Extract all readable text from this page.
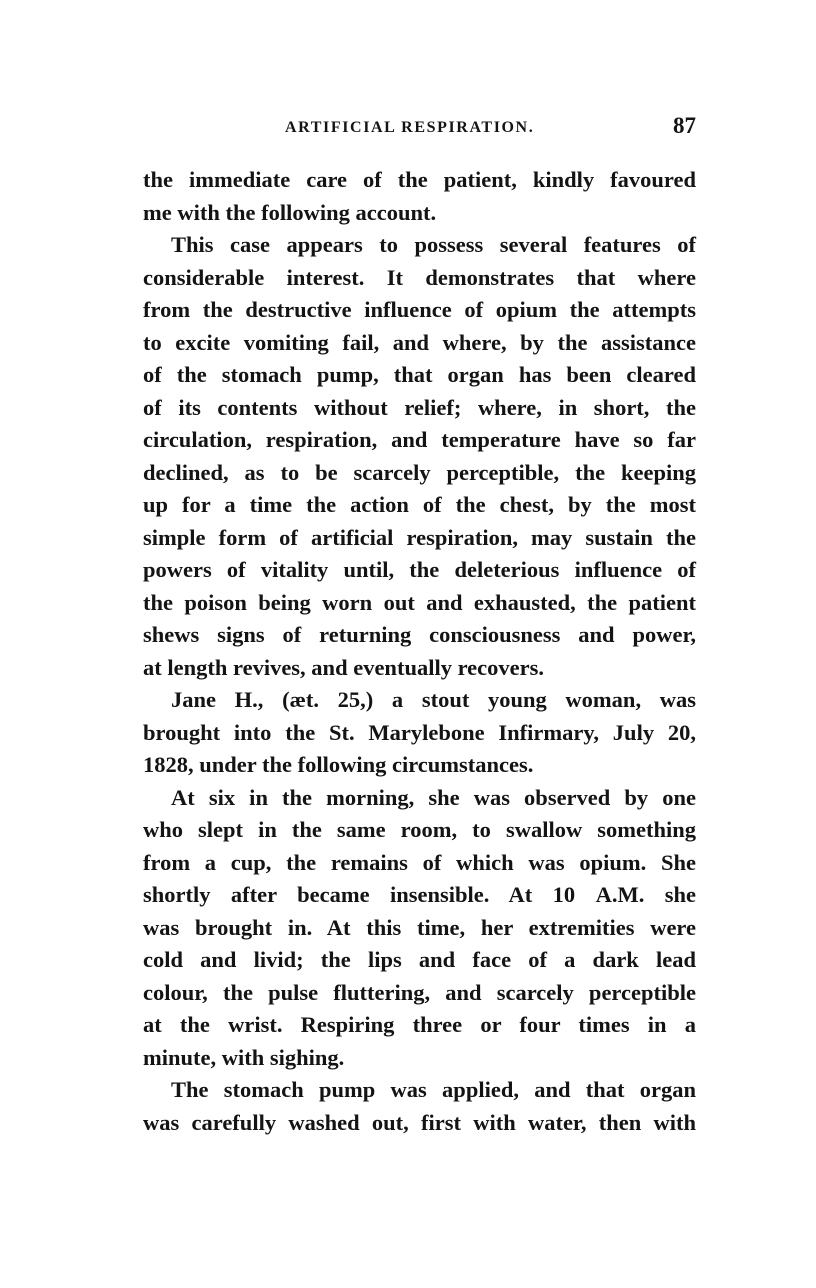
ARTIFICIAL RESPIRATION.	87
the immediate care of the patient, kindly favoured
me with the following account.
This case appears to possess several features of
considerable interest. It demonstrates that where
from the destructive influence of opium the attempts
to excite vomiting fail, and where, by the assistance
of the stomach pump, that organ has been cleared
of its contents without relief; where, in short, the
circulation, respiration, and temperature have so far
declined, as to be scarcely perceptible, the keeping
up for a time the action of the chest, by the most
simple form of artificial respiration, may sustain the
powers of vitality until, the deleterious influence of
the poison being worn out and exhausted, the patient
shews signs of returning consciousness and power,
at length revives, and eventually recovers.
Jane H., (æt. 25,) a stout young woman, was
brought into the St. Marylebone Infirmary, July 20,
1828, under the following circumstances.
At six in the morning, she was observed by one
who slept in the same room, to swallow something
from a cup, the remains of which was opium. She
shortly after became insensible. At 10 A.M. she
was brought in. At this time, her extremities were
cold and livid; the lips and face of a dark lead
colour, the pulse fluttering, and scarcely perceptible
at the wrist. Respiring three or four times in a
minute, with sighing.
The stomach pump was applied, and that organ
was carefully washed out, first with water, then with
